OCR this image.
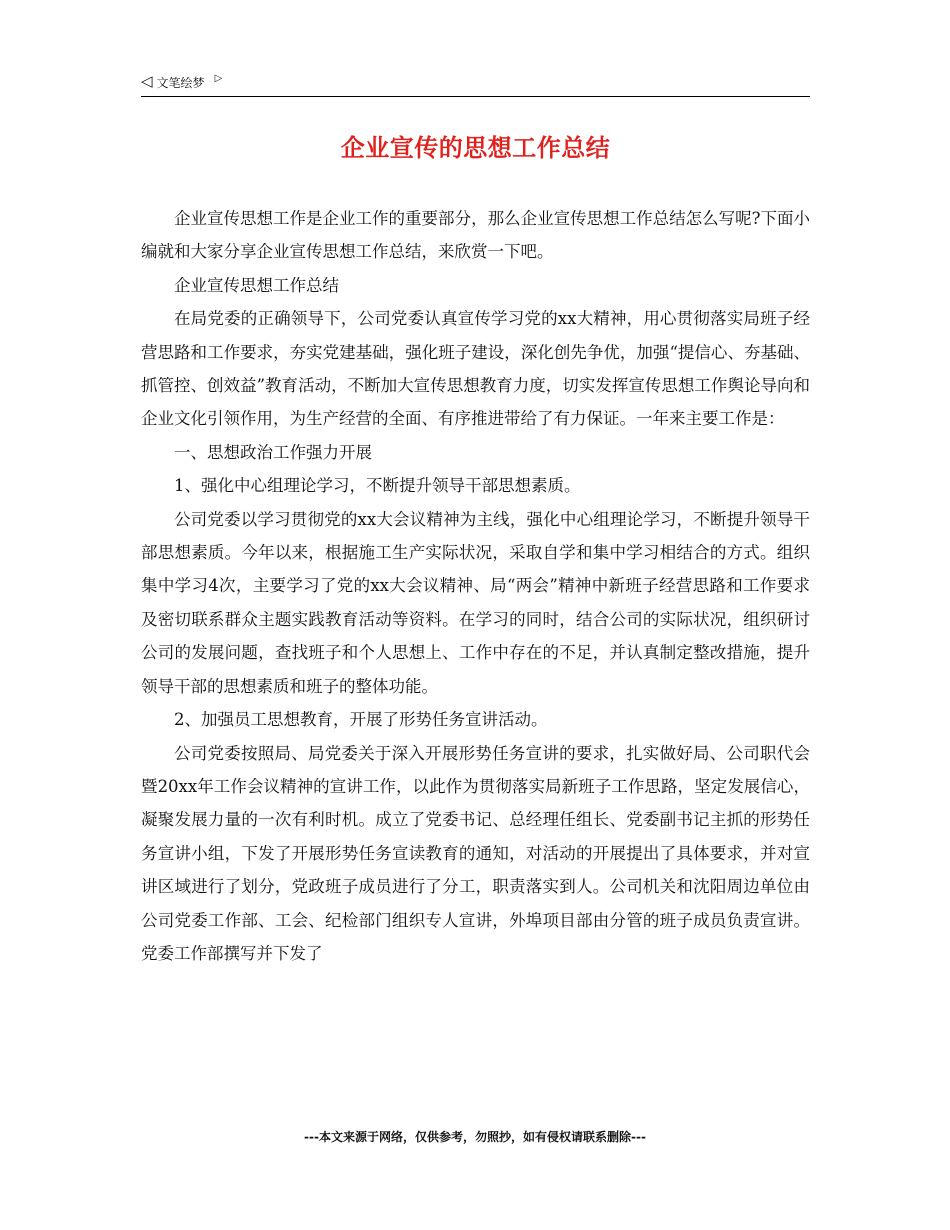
◁ 文笔绘梦 ▷
企业宣传的思想工作总结

企业宣传思想工作是企业工作的重要部分，那么企业宣传思想工作总结怎么写呢?下面小编就和大家分享企业宣传思想工作总结，来欣赏一下吧。

企业宣传思想工作总结

在局党委的正确领导下，公司党委认真宣传学习党的xx大精神，用心贯彻落实局班子经营思路和工作要求，夯实党建基础，强化班子建设，深化创先争优，加强“提信心、夯基础、抓管控、创效益”教育活动，不断加大宣传思想教育力度，切实发挥宣传思想工作舆论导向和企业文化引领作用，为生产经营的全面、有序推进带给了有力保证。一年来主要工作是：

一、思想政治工作强力开展

1、强化中心组理论学习，不断提升领导干部思想素质。

公司党委以学习贯彻党的xx大会议精神为主线，强化中心组理论学习，不断提升领导干部思想素质。今年以来，根据施工生产实际状况，采取自学和集中学习相结合的方式。组织集中学习4次，主要学习了党的xx大会议精神、局“两会”精神中新班子经营思路和工作要求及密切联系群众主题实践教育活动等资料。在学习的同时，结合公司的实际状况，组织研讨公司的发展问题，查找班子和个人思想上、工作中存在的不足，并认真制定整改措施，提升领导干部的思想素质和班子的整体功能。

2、加强员工思想教育，开展了形势任务宣讲活动。

公司党委按照局、局党委关于深入开展形势任务宣讲的要求，扎实做好局、公司职代会暨20xx年工作会议精神的宣讲工作，以此作为贯彻落实局新班子工作思路，坚定发展信心，凝聚发展力量的一次有利时机。成立了党委书记、总经理任组长、党委副书记主抓的形势任务宣讲小组，下发了开展形势任务宣读教育的通知，对活动的开展提出了具体要求，并对宣讲区域进行了划分，党政班子成员进行了分工，职责落实到人。公司机关和沈阳周边单位由公司党委工作部、工会、纪检部门组织专人宣讲，外埠项目部由分管的班子成员负责宣讲。党委工作部撰写并下发了

---本文来源于网络，仅供参考，勿照抄，如有侵权请联系删除---
